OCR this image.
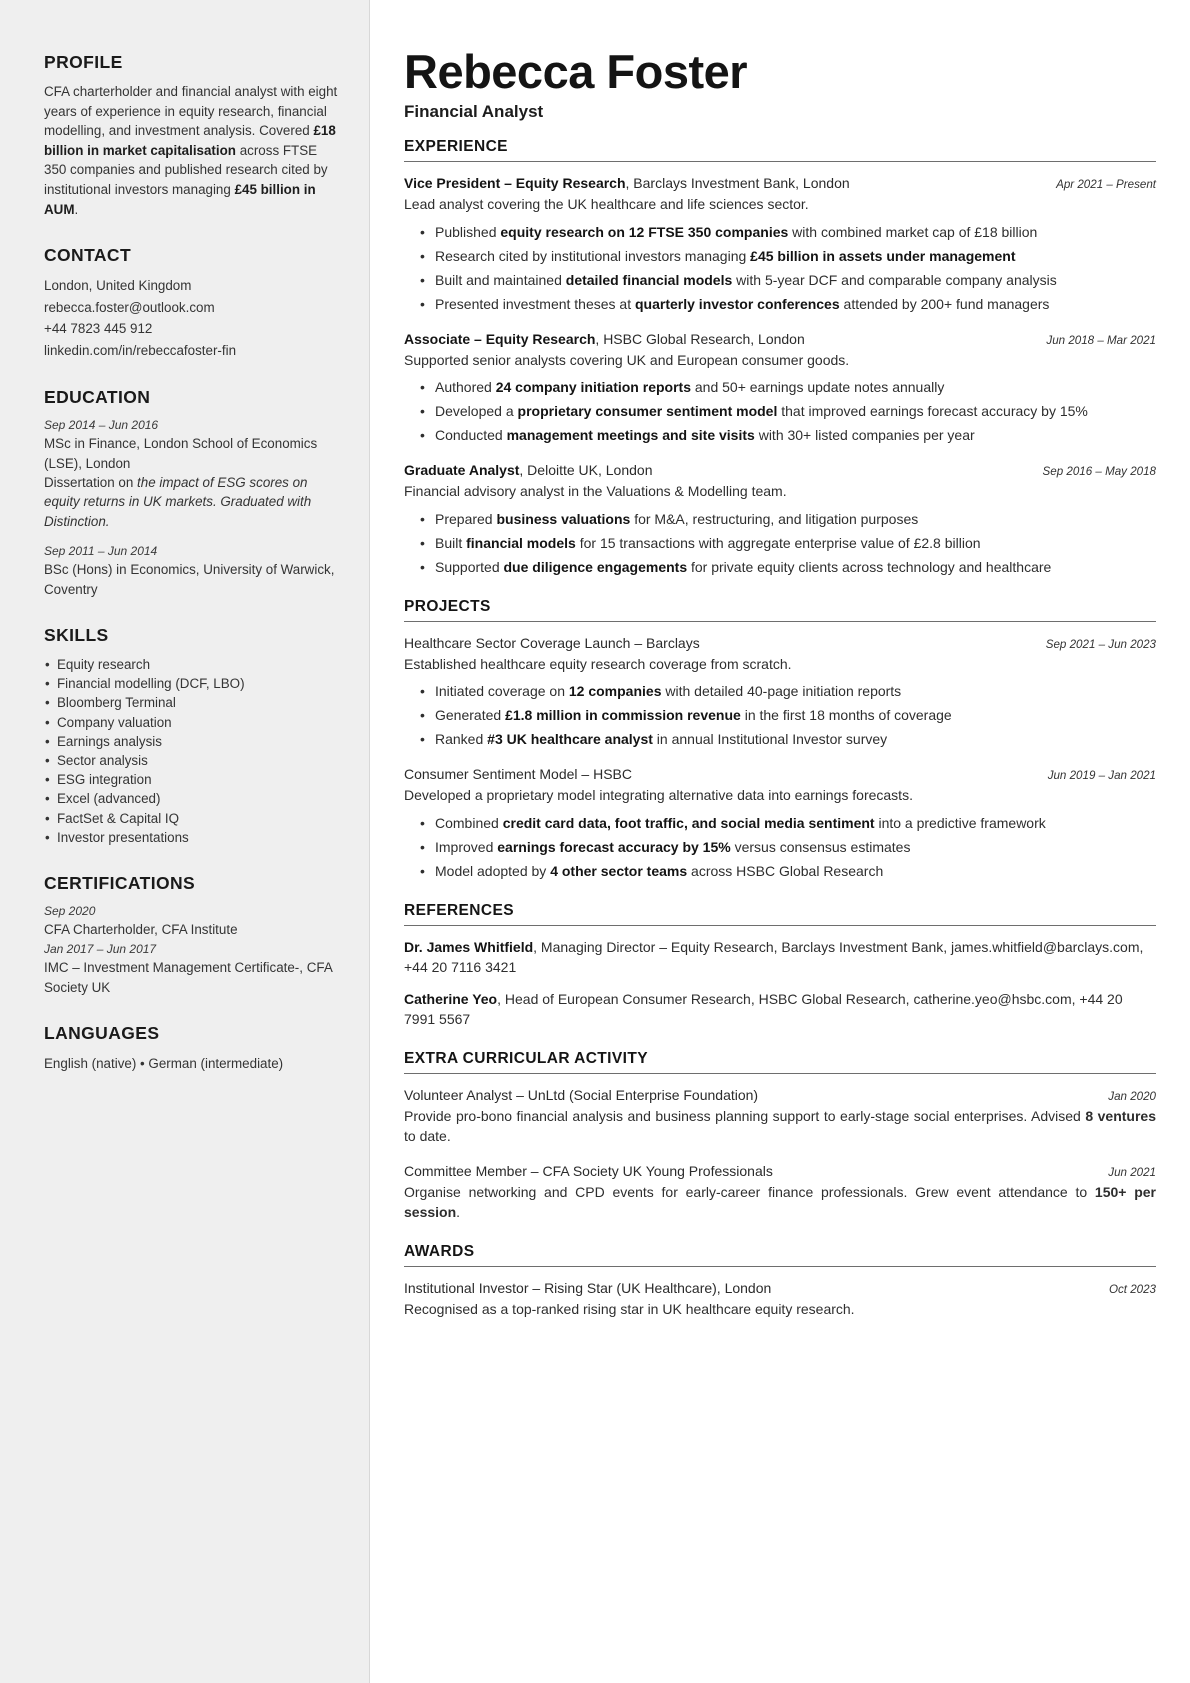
PROFILE
CFA charterholder and financial analyst with eight years of experience in equity research, financial modelling, and investment analysis. Covered £18 billion in market capitalisation across FTSE 350 companies and published research cited by institutional investors managing £45 billion in AUM.
CONTACT
London, United Kingdom
rebecca.foster@outlook.com
+44 7823 445 912
linkedin.com/in/rebeccafoster-fin
EDUCATION
Sep 2014 – Jun 2016
MSc in Finance, London School of Economics (LSE), London
Dissertation on the impact of ESG scores on equity returns in UK markets. Graduated with Distinction.
Sep 2011 – Jun 2014
BSc (Hons) in Economics, University of Warwick, Coventry
SKILLS
• Equity research
• Financial modelling (DCF, LBO)
• Bloomberg Terminal
• Company valuation
• Earnings analysis
• Sector analysis
• ESG integration
• Excel (advanced)
• FactSet & Capital IQ
• Investor presentations
CERTIFICATIONS
Sep 2020
CFA Charterholder, CFA Institute
Jan 2017 – Jun 2017
IMC – Investment Management Certificate-, CFA Society UK
LANGUAGES
English (native) • German (intermediate)
Rebecca Foster
Financial Analyst
EXPERIENCE
Vice President – Equity Research, Barclays Investment Bank, London	Apr 2021 – Present
Lead analyst covering the UK healthcare and life sciences sector.
• Published equity research on 12 FTSE 350 companies with combined market cap of £18 billion
• Research cited by institutional investors managing £45 billion in assets under management
• Built and maintained detailed financial models with 5-year DCF and comparable company analysis
• Presented investment theses at quarterly investor conferences attended by 200+ fund managers
Associate – Equity Research, HSBC Global Research, London	Jun 2018 – Mar 2021
Supported senior analysts covering UK and European consumer goods.
• Authored 24 company initiation reports and 50+ earnings update notes annually
• Developed a proprietary consumer sentiment model that improved earnings forecast accuracy by 15%
• Conducted management meetings and site visits with 30+ listed companies per year
Graduate Analyst, Deloitte UK, London	Sep 2016 – May 2018
Financial advisory analyst in the Valuations & Modelling team.
• Prepared business valuations for M&A, restructuring, and litigation purposes
• Built financial models for 15 transactions with aggregate enterprise value of £2.8 billion
• Supported due diligence engagements for private equity clients across technology and healthcare
PROJECTS
Healthcare Sector Coverage Launch – Barclays	Sep 2021 – Jun 2023
Established healthcare equity research coverage from scratch.
• Initiated coverage on 12 companies with detailed 40-page initiation reports
• Generated £1.8 million in commission revenue in the first 18 months of coverage
• Ranked #3 UK healthcare analyst in annual Institutional Investor survey
Consumer Sentiment Model – HSBC	Jun 2019 – Jan 2021
Developed a proprietary model integrating alternative data into earnings forecasts.
• Combined credit card data, foot traffic, and social media sentiment into a predictive framework
• Improved earnings forecast accuracy by 15% versus consensus estimates
• Model adopted by 4 other sector teams across HSBC Global Research
REFERENCES
Dr. James Whitfield, Managing Director – Equity Research, Barclays Investment Bank, james.whitfield@barclays.com, +44 20 7116 3421
Catherine Yeo, Head of European Consumer Research, HSBC Global Research, catherine.yeo@hsbc.com, +44 20 7991 5567
EXTRA CURRICULAR ACTIVITY
Volunteer Analyst – UnLtd (Social Enterprise Foundation)	Jan 2020
Provide pro-bono financial analysis and business planning support to early-stage social enterprises. Advised 8 ventures to date.
Committee Member – CFA Society UK Young Professionals	Jun 2021
Organise networking and CPD events for early-career finance professionals. Grew event attendance to 150+ per session.
AWARDS
Institutional Investor – Rising Star (UK Healthcare), London	Oct 2023
Recognised as a top-ranked rising star in UK healthcare equity research.
